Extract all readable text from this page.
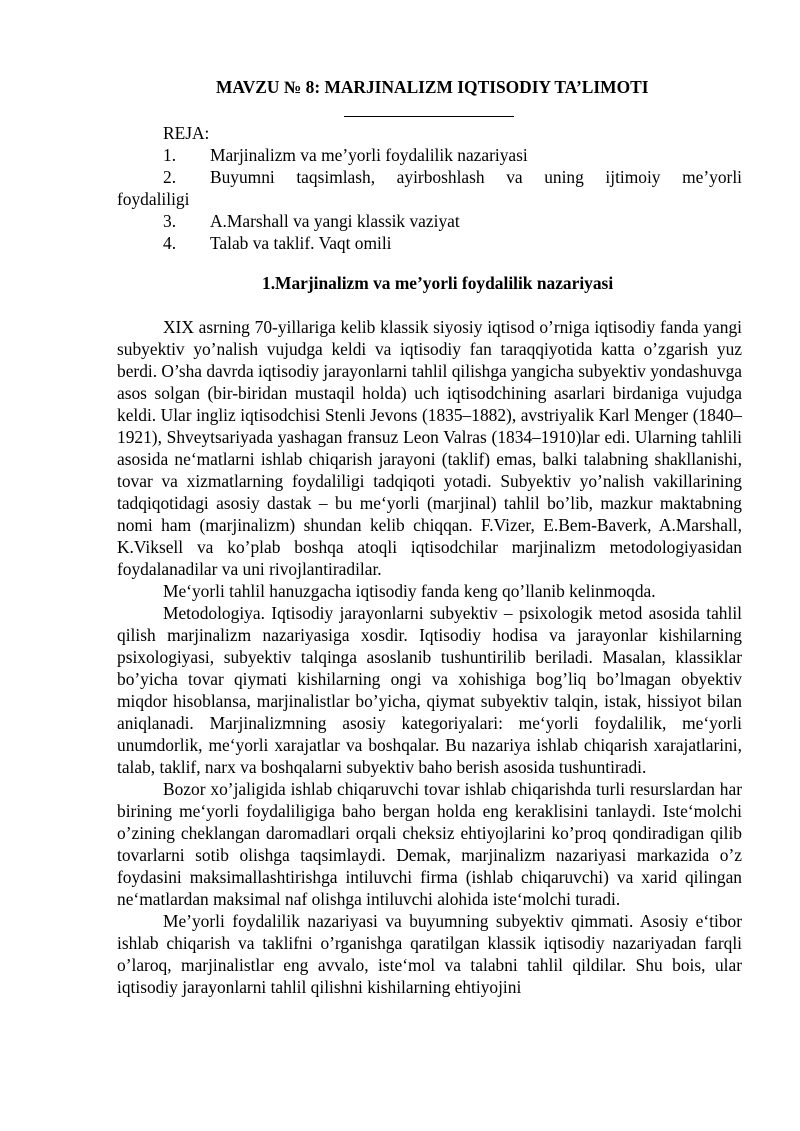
MAVZU № 8: MARJINALIZM IQTISODIY TA’LIMOTI
REJA:
1.	Marjinalizm va me’yorli foydalilik nazariyasi
2.	Buyumni taqsimlash, ayirboshlash va uning ijtimoiy me’yorli
foydaliligi
3.	A.Marshall va yangi klassik vaziyat
4.	Talab va taklif. Vaqt omili
1.Marjinalizm va me’yorli foydalilik nazariyasi

XIX asrning 70-yillariga kelib klassik siyosiy iqtisod o’rniga iqtisodiy fanda yangi subyektiv yo’nalish vujudga keldi va iqtisodiy fan taraqqiyotida katta o’zgarish yuz berdi. O’sha davrda iqtisodiy jarayonlarni tahlil qilishga yangicha subyektiv yondashuvga asos solgan (bir-biridan mustaqil holda) uch iqtisodchining asarlari birdaniga vujudga keldi. Ular ingliz iqtisodchisi Stenli Jevons (1835–1882), avstriyalik Karl Menger (1840–1921), Shveytsariyada yashagan fransuz Leon Valras (1834–1910)lar edi. Ularning tahlili asosida ne‘matlarni ishlab chiqarish jarayoni (taklif) emas, balki talabning shakllanishi, tovar va xizmatlarning foydaliligi tadqiqoti yotadi. Subyektiv yo’nalish vakillarining tadqiqotidagi asosiy dastak – bu me‘yorli (marjinal) tahlil bo’lib, mazkur maktabning nomi ham (marjinalizm) shundan kelib chiqqan. F.Vizer, E.Bem-Baverk, A.Marshall, K.Viksell va ko’plab boshqa atoqli iqtisodchilar marjinalizm metodologiyasidan foydalanadilar va uni rivojlantiradilar.

Me‘yorli tahlil hanuzgacha iqtisodiy fanda keng qo’llanib kelinmoqda.

Metodologiya. Iqtisodiy jarayonlarni subyektiv – psixologik metod asosida tahlil qilish marjinalizm nazariyasiga xosdir. Iqtisodiy hodisa va jarayonlar kishilarning psixologiyasi, subyektiv talqinga asoslanib tushuntirilib beriladi. Masalan, klassiklar bo’yicha tovar qiymati kishilarning ongi va xohishiga bog’liq bo’lmagan obyektiv miqdor hisoblansa, marjinalistlar bo’yicha, qiymat subyektiv talqin, istak, hissiyot bilan aniqlanadi. Marjinalizmning asosiy kategoriyalari: me‘yorli foydalilik, me‘yorli unumdorlik, me‘yorli xarajatlar va boshqalar. Bu nazariya ishlab chiqarish xarajatlarini, talab, taklif, narx va boshqalarni subyektiv baho berish asosida tushuntiradi.

Bozor xo’jaligida ishlab chiqaruvchi tovar ishlab chiqarishda turli resurslardan har birining me‘yorli foydaliligiga baho bergan holda eng keraklisini tanlaydi. Iste‘molchi o’zining cheklangan daromadlari orqali cheksiz ehtiyojlarini ko’proq qondiradigan qilib tovarlarni sotib olishga taqsimlaydi. Demak, marjinalizm nazariyasi markazida o’z foydasini maksimallashtirishga intiluvchi firma (ishlab chiqaruvchi) va xarid qilingan ne‘matlardan maksimal naf olishga intiluvchi alohida iste‘molchi turadi.

Me’yorli foydalilik nazariyasi va buyumning subyektiv qimmati. Asosiy e‘tibor ishlab chiqarish va taklifni o’rganishga qaratilgan klassik iqtisodiy nazariyadan farqli o’laroq, marjinalistlar eng avvalo, iste‘mol va talabni tahlil qildilar. Shu bois, ular iqtisodiy jarayonlarni tahlil qilishni kishilarning ehtiyojini
